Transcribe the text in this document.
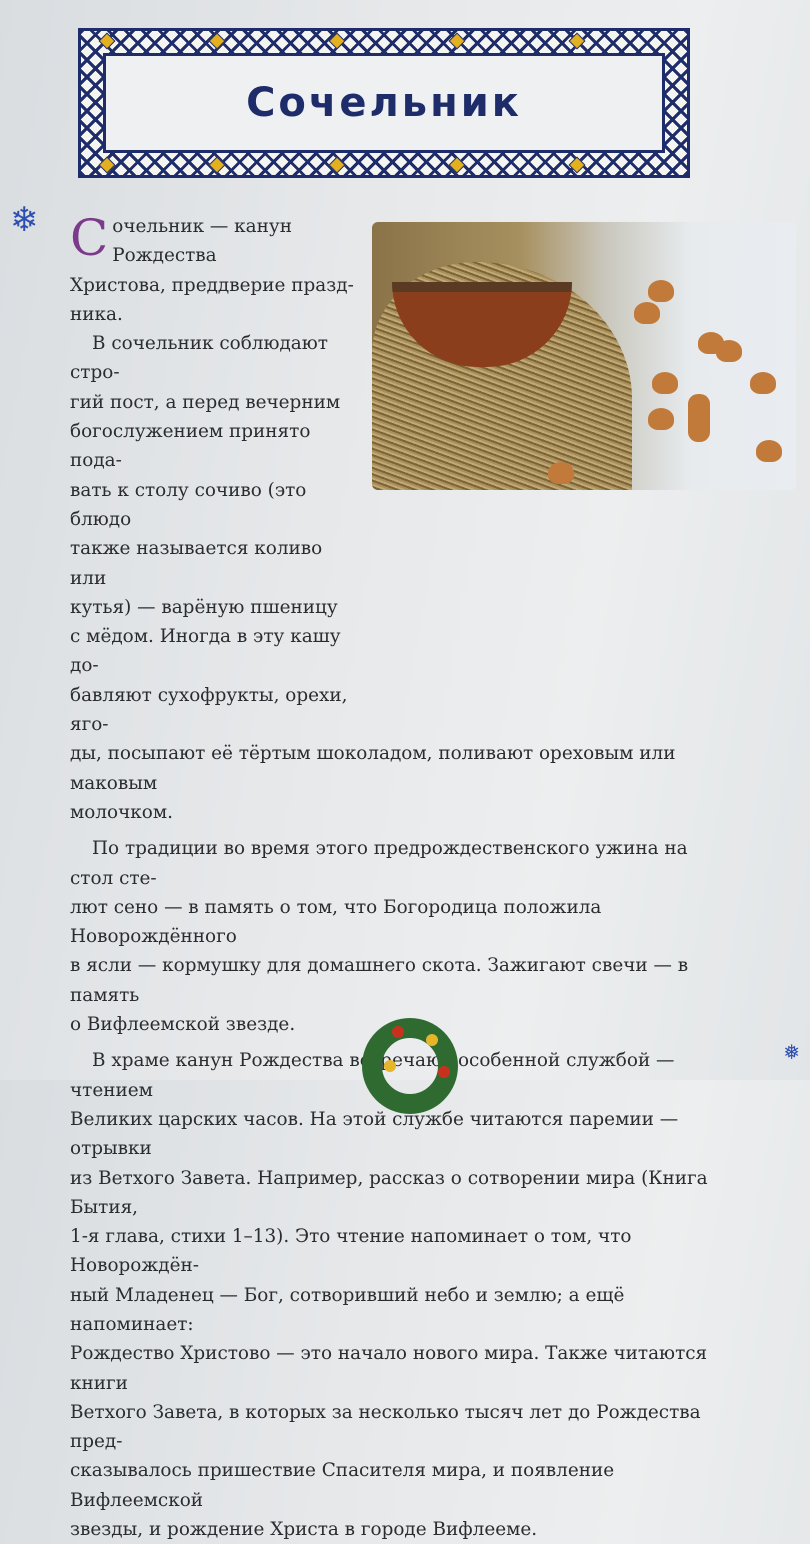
Сочельник
❄ С очельник — канун Рождества

Христова, преддверие празд-

ника.

В сочельник соблюдают стро-

гий пост, а перед вечерним

богослужением принято пода-

вать к столу сочиво (это блюдо

также называется коливо или

кутья) — варёную пшеницу

с мёдом. Иногда в эту кашу до-

бавляют сухофрукты, орехи, яго-

ды, посыпают её тёртым шоколадом, поливают ореховым или маковым

молочком.

По традиции во время этого предрождественского ужина на стол сте-

лют сено — в память о том, что Богородица положила Новорождённого

в ясли — кормушку для домашнего скота. Зажигают свечи — в память

о Вифлеемской звезде.

В храме канун Рождества встречают особенной службой — чтением

Великих царских часов. На этой службе читаются паремии — отрывки

из Ветхого Завета. Например, рассказ о сотворении мира (Книга Бытия,

1-я глава, стихи 1–13). Это чтение напоминает о том, что Новорождён-

ный Младенец — Бог, сотворивший небо и землю; а ещё напоминает:

Рождество Христово — это начало нового мира. Также читаются книги

Ветхого Завета, в которых за несколько тысяч лет до Рождества пред-

сказывалось пришествие Спасителя мира, и появление Вифлеемской

звезды, и рождение Христа в городе Вифлееме.

❅
